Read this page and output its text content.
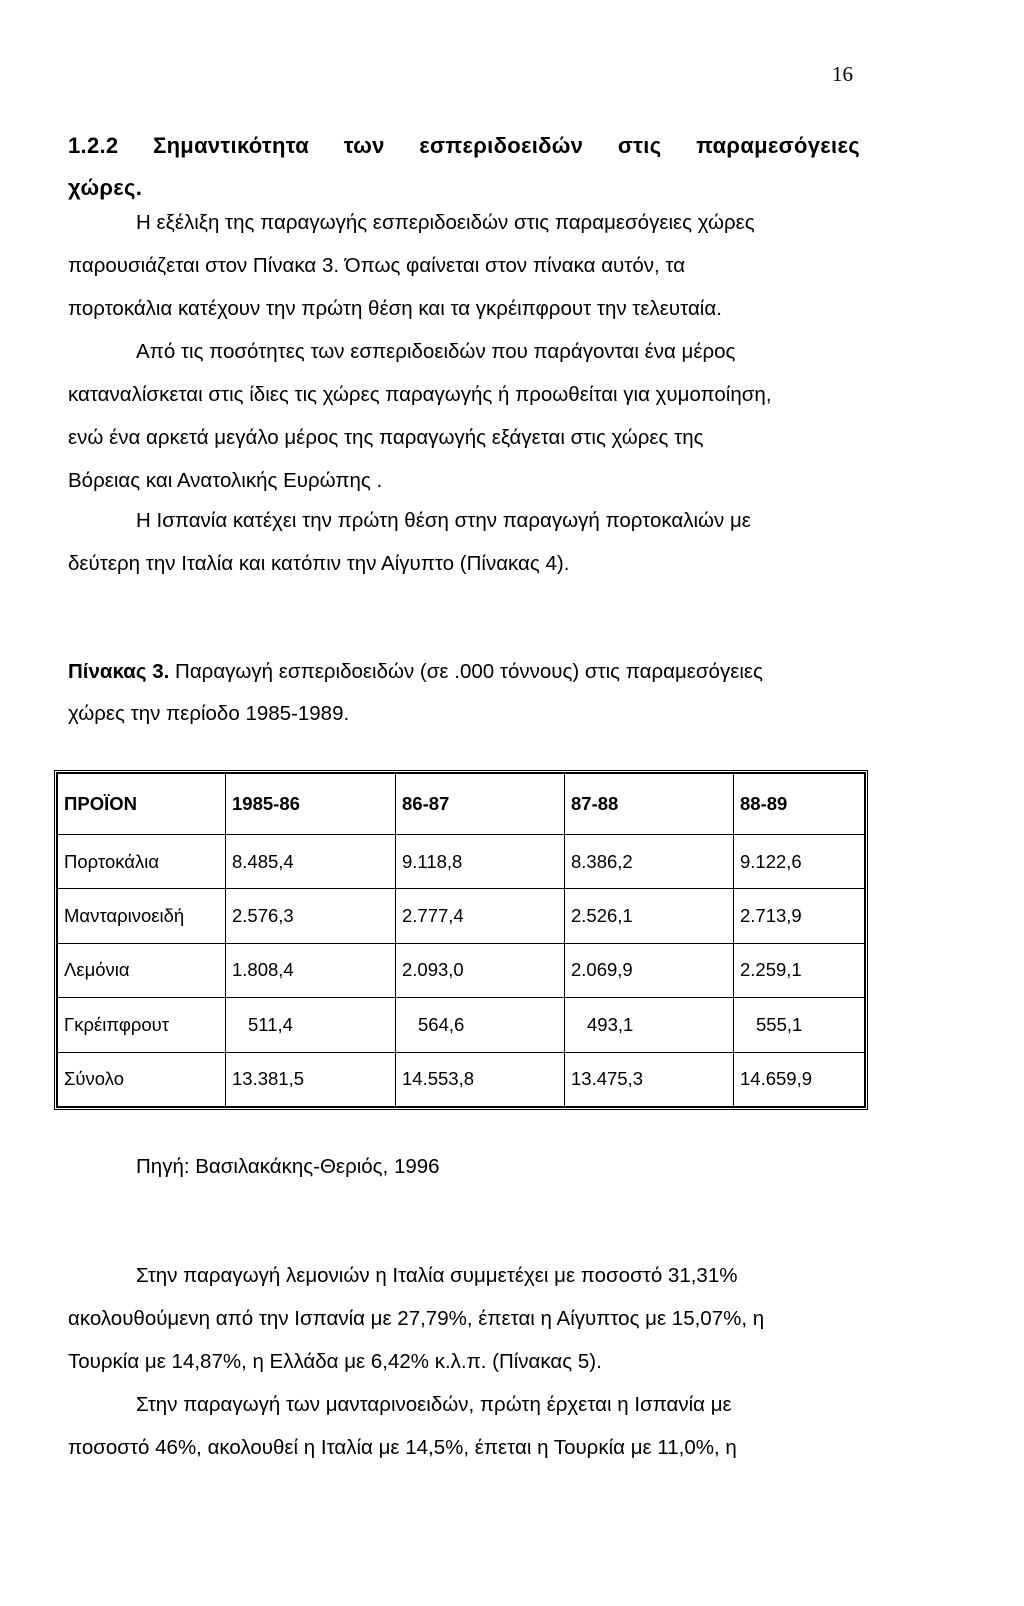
16
1.2.2 Σημαντικότητα των εσπεριδοειδών στις παραμεσόγειες
χώρες.
Η εξέλιξη της παραγωγής εσπεριδοειδών στις παραμεσόγειες χώρες
παρουσιάζεται στον Πίνακα 3. Όπως φαίνεται στον πίνακα αυτόν, τα
πορτοκάλια κατέχουν την πρώτη θέση και τα γκρέιπφρουτ την τελευταία.
Από τις ποσότητες των εσπεριδοειδών που παράγονται ένα μέρος
καταναλίσκεται στις ίδιες τις χώρες παραγωγής ή προωθείται για χυμοποίηση,
ενώ ένα αρκετά μεγάλο μέρος της παραγωγής εξάγεται στις χώρες της
Βόρειας και Ανατολικής Ευρώπης .
Η Ισπανία κατέχει την πρώτη θέση στην παραγωγή πορτοκαλιών με
δεύτερη την Ιταλία και κατόπιν την Αίγυπτο (Πίνακας 4).
Πίνακας 3. Παραγωγή εσπεριδοειδών (σε .000 τόννους) στις παραμεσόγειες
χώρες την περίοδο 1985-1989.
ΠΡΟΪΟΝ	1985-86	86-87	87-88	88-89
Πορτοκάλια	8.485,4	9.118,8	8.386,2	9.122,6
Μανταρινοειδή	2.576,3	2.777,4	2.526,1	2.713,9
Λεμόνια	1.808,4	2.093,0	2.069,9	2.259,1
Γκρέιπφρουτ	511,4	564,6	493,1	555,1
Σύνολο	13.381,5	14.553,8	13.475,3	14.659,9
Πηγή: Βασιλακάκης-Θεριός, 1996
Στην παραγωγή λεμονιών η Ιταλία συμμετέχει με ποσοστό 31,31%
ακολουθούμενη από την Ισπανία με 27,79%, έπεται η Αίγυπτος με 15,07%, η
Τουρκία με 14,87%, η Ελλάδα με 6,42% κ.λ.π. (Πίνακας 5).
Στην παραγωγή των μανταρινοειδών, πρώτη έρχεται η Ισπανία με
ποσοστό 46%, ακολουθεί η Ιταλία με 14,5%, έπεται η Τουρκία με 11,0%, η
